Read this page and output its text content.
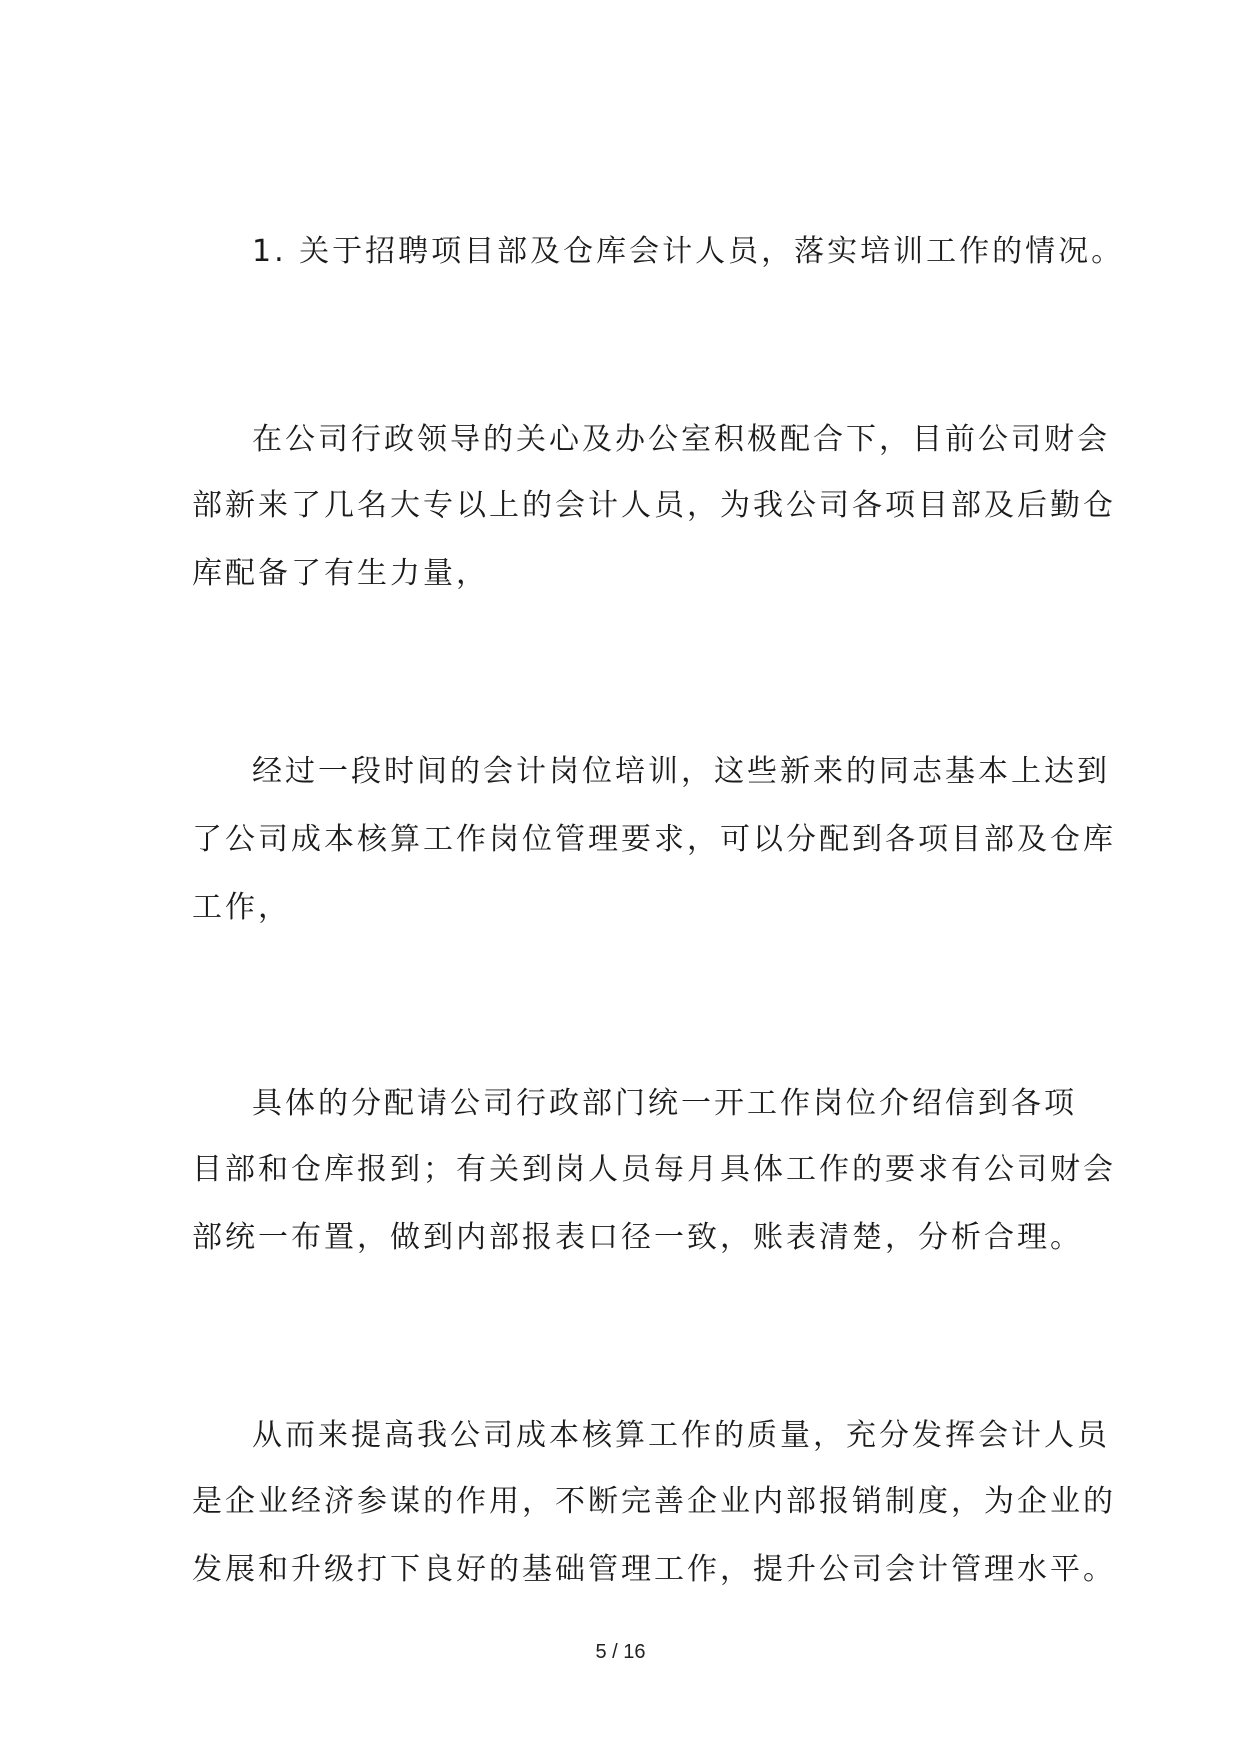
1. 关于招聘项目部及仓库会计人员，落实培训工作的情况。
在公司行政领导的关心及办公室积极配合下，目前公司财会
部新来了几名大专以上的会计人员，为我公司各项目部及后勤仓
库配备了有生力量，
经过一段时间的会计岗位培训，这些新来的同志基本上达到
了公司成本核算工作岗位管理要求，可以分配到各项目部及仓库
工作，
具体的分配请公司行政部门统一开工作岗位介绍信到各项
目部和仓库报到；有关到岗人员每月具体工作的要求有公司财会
部统一布置，做到内部报表口径一致，账表清楚，分析合理。
从而来提高我公司成本核算工作的质量，充分发挥会计人员
是企业经济参谋的作用，不断完善企业内部报销制度，为企业的
发展和升级打下良好的基础管理工作，提升公司会计管理水平。
5 / 16
